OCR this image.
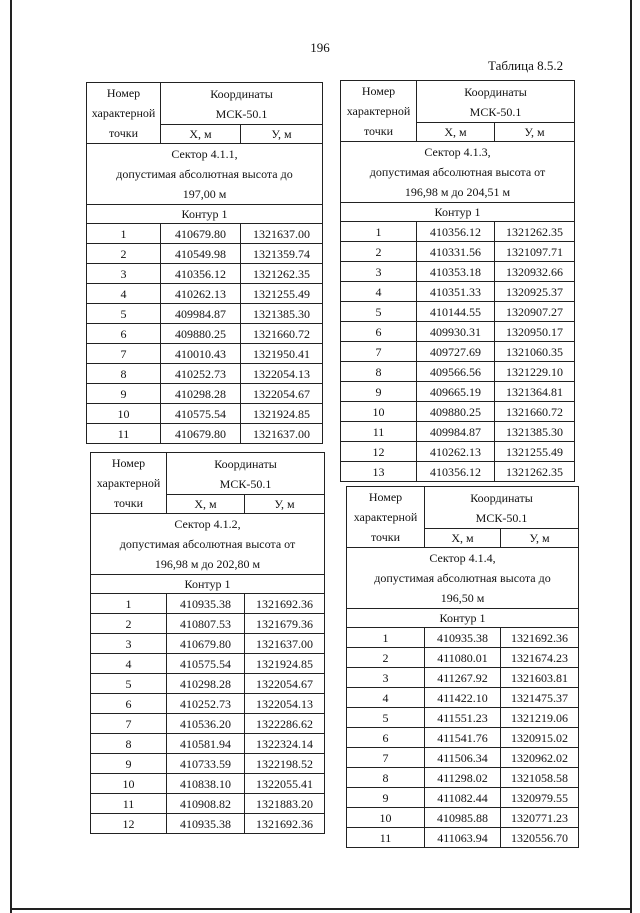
196
Таблица 8.5.2
Номер
характерной
точки	Координаты
МСК-50.1	

	Х, м	У, м

Сектор 4.1.1,
допустимая абсолютная высота до
197,00 м		

Контур 1		
1	410679.80	1321637.00
2	410549.98	1321359.74
3	410356.12	1321262.35
4	410262.13	1321255.49
5	409984.87	1321385.30
6	409880.25	1321660.72
7	410010.43	1321950.41
8	410252.73	1322054.13
9	410298.28	1322054.67
10	410575.54	1321924.85
11	410679.80	1321637.00
Номер
характерной
точки	Координаты
МСК-50.1	

	Х, м	У, м

Сектор 4.1.2,
допустимая абсолютная высота от
196,98 м до 202,80 м		

Контур 1		
1	410935.38	1321692.36
2	410807.53	1321679.36
3	410679.80	1321637.00
4	410575.54	1321924.85
5	410298.28	1322054.67
6	410252.73	1322054.13
7	410536.20	1322286.62
8	410581.94	1322324.14
9	410733.59	1322198.52
10	410838.10	1322055.41
11	410908.82	1321883.20
12	410935.38	1321692.36
Номер
характерной
точки	Координаты
МСК-50.1	

	Х, м	У, м

Сектор 4.1.3,
допустимая абсолютная высота от
196,98 м до 204,51 м		

Контур 1		
1	410356.12	1321262.35
2	410331.56	1321097.71
3	410353.18	1320932.66
4	410351.33	1320925.37
5	410144.55	1320907.27
6	409930.31	1320950.17
7	409727.69	1321060.35
8	409566.56	1321229.10
9	409665.19	1321364.81
10	409880.25	1321660.72
11	409984.87	1321385.30
12	410262.13	1321255.49
13	410356.12	1321262.35
Номер
характерной
точки	Координаты
МСК-50.1	

	Х, м	У, м

Сектор 4.1.4,
допустимая абсолютная высота до
196,50 м		

Контур 1		
1	410935.38	1321692.36
2	411080.01	1321674.23
3	411267.92	1321603.81
4	411422.10	1321475.37
5	411551.23	1321219.06
6	411541.76	1320915.02
7	411506.34	1320962.02
8	411298.02	1321058.58
9	411082.44	1320979.55
10	410985.88	1320771.23
11	411063.94	1320556.70
